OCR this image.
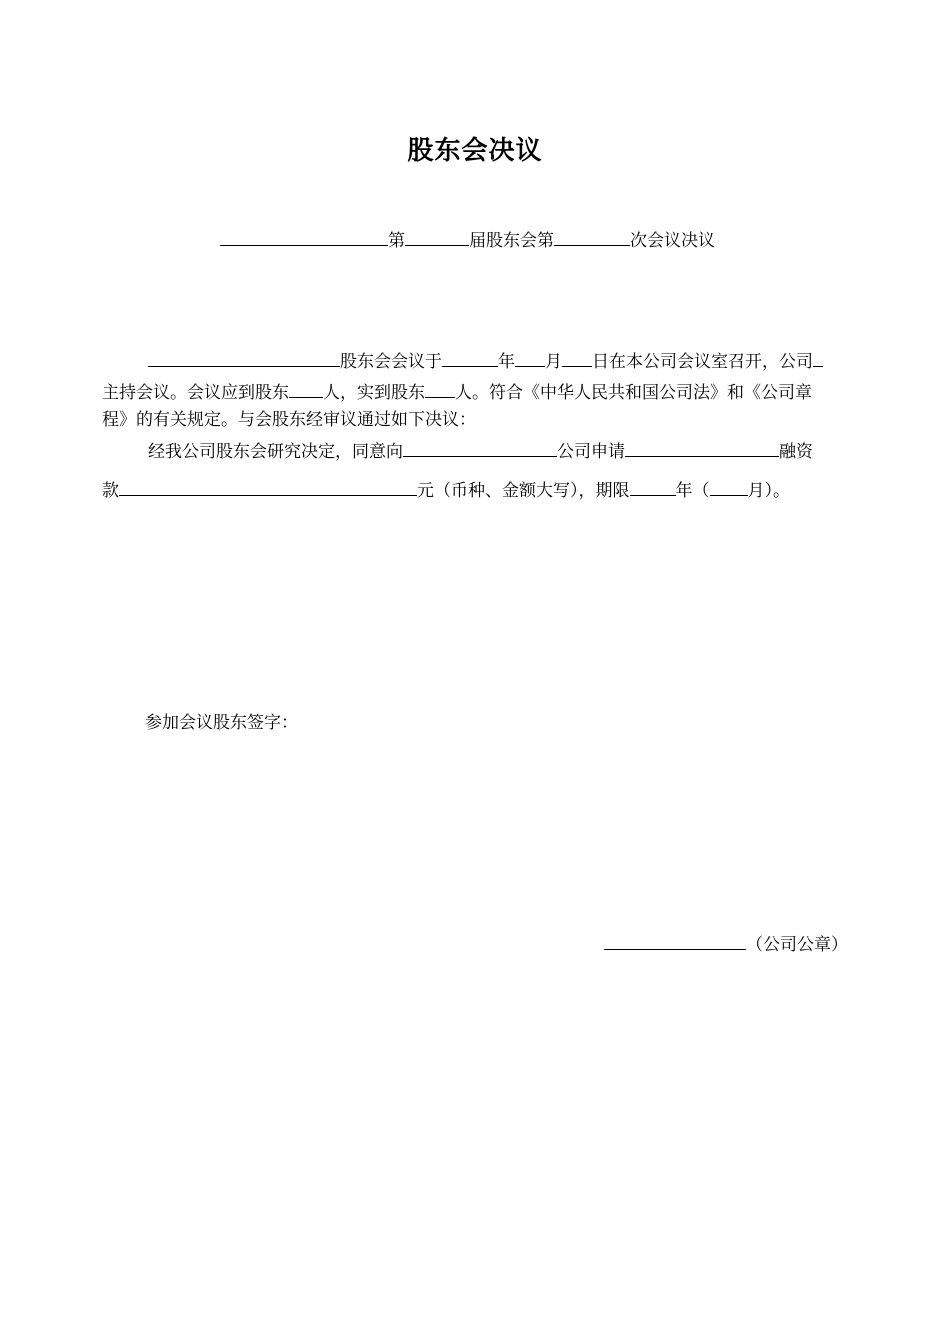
股东会决议
第	届股东会第	次会议决议
股东会会议于	年 月 日在本公司会议室召开，公司
主持会议。会议应到股东 人，实到股东 人。符合《中华人民共和国公司法》和《公司章
程》的有关规定。与会股东经审议通过如下决议：
经我公司股东会研究决定，同意向	公司申请	融资
款	元（币种、金额大写），期限	年（ 月）。
参加会议股东签字：
（公司公章）
